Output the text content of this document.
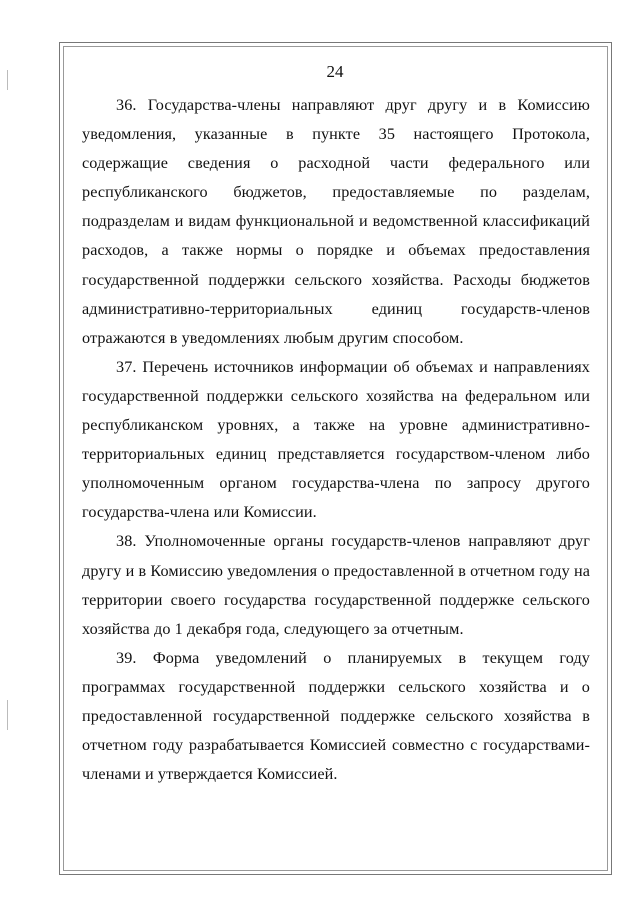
24

36. Государства-члены направляют друг другу и в Комиссию уведомления, указанные в пункте 35 настоящего Протокола, содержащие сведения о расходной части федерального или республиканского бюджетов, предоставляемые по разделам, подразделам и видам функциональной и ведомственной классификаций расходов, а также нормы о порядке и объемах предоставления государственной поддержки сельского хозяйства. Расходы бюджетов административно-территориальных единиц государств-членов отражаются в уведомлениях любым другим способом.

37. Перечень источников информации об объемах и направлениях государственной поддержки сельского хозяйства на федеральном или республиканском уровнях, а также на уровне административно-территориальных единиц представляется государством-членом либо уполномоченным органом государства-члена по запросу другого государства-члена или Комиссии.

38. Уполномоченные органы государств-членов направляют друг другу и в Комиссию уведомления о предоставленной в отчетном году на территории своего государства государственной поддержке сельского хозяйства до 1 декабря года, следующего за отчетным.

39. Форма уведомлений о планируемых в текущем году программах государственной поддержки сельского хозяйства и о предоставленной государственной поддержке сельского хозяйства в отчетном году разрабатывается Комиссией совместно с государствами-членами и утверждается Комиссией.
